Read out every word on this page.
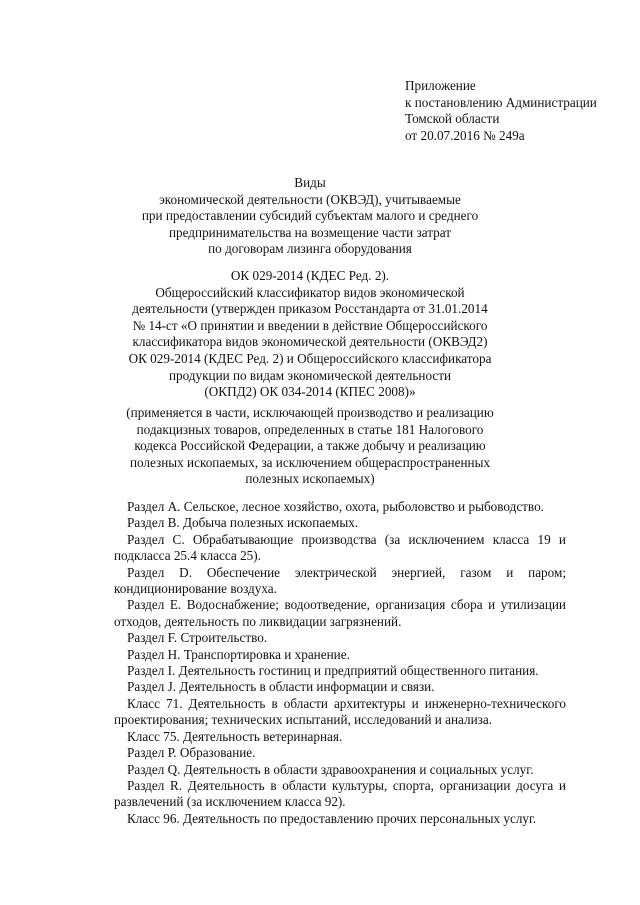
Приложение
к постановлению Администрации
Томской области
от 20.07.2016 № 249а
Виды
экономической деятельности (ОКВЭД), учитываемые
при предоставлении субсидий субъектам малого и среднего
предпринимательства на возмещение части затрат
по договорам лизинга оборудования
ОК 029-2014 (КДЕС Ред. 2).
Общероссийский классификатор видов экономической
деятельности (утвержден приказом Росстандарта от 31.01.2014
№ 14-ст «О принятии и введении в действие Общероссийского
классификатора видов экономической деятельности (ОКВЭД2)
ОК 029-2014 (КДЕС Ред. 2) и Общероссийского классификатора
продукции по видам экономической деятельности
(ОКПД2) ОК 034-2014 (КПЕС 2008)»
(применяется в части, исключающей производство и реализацию
подакцизных товаров, определенных в статье 181 Налогового
кодекса Российской Федерации, а также добычу и реализацию
полезных ископаемых, за исключением общераспространенных
полезных ископаемых)
Раздел А. Сельское, лесное хозяйство, охота, рыболовство и рыбоводство.
Раздел В. Добыча полезных ископаемых.
Раздел С. Обрабатывающие производства (за исключением класса 19 и подкласса 25.4 класса 25).
Раздел D. Обеспечение электрической энергией, газом и паром; кондиционирование воздуха.
Раздел Е. Водоснабжение; водоотведение, организация сбора и утилизации отходов, деятельность по ликвидации загрязнений.
Раздел F. Строительство.
Раздел Н. Транспортировка и хранение.
Раздел I. Деятельность гостиниц и предприятий общественного питания.
Раздел J. Деятельность в области информации и связи.
Класс 71. Деятельность в области архитектуры и инженерно-технического проектирования; технических испытаний, исследований и анализа.
Класс 75. Деятельность ветеринарная.
Раздел Р. Образование.
Раздел Q. Деятельность в области здравоохранения и социальных услуг.
Раздел R. Деятельность в области культуры, спорта, организации досуга и развлечений (за исключением класса 92).
Класс 96. Деятельность по предоставлению прочих персональных услуг.
